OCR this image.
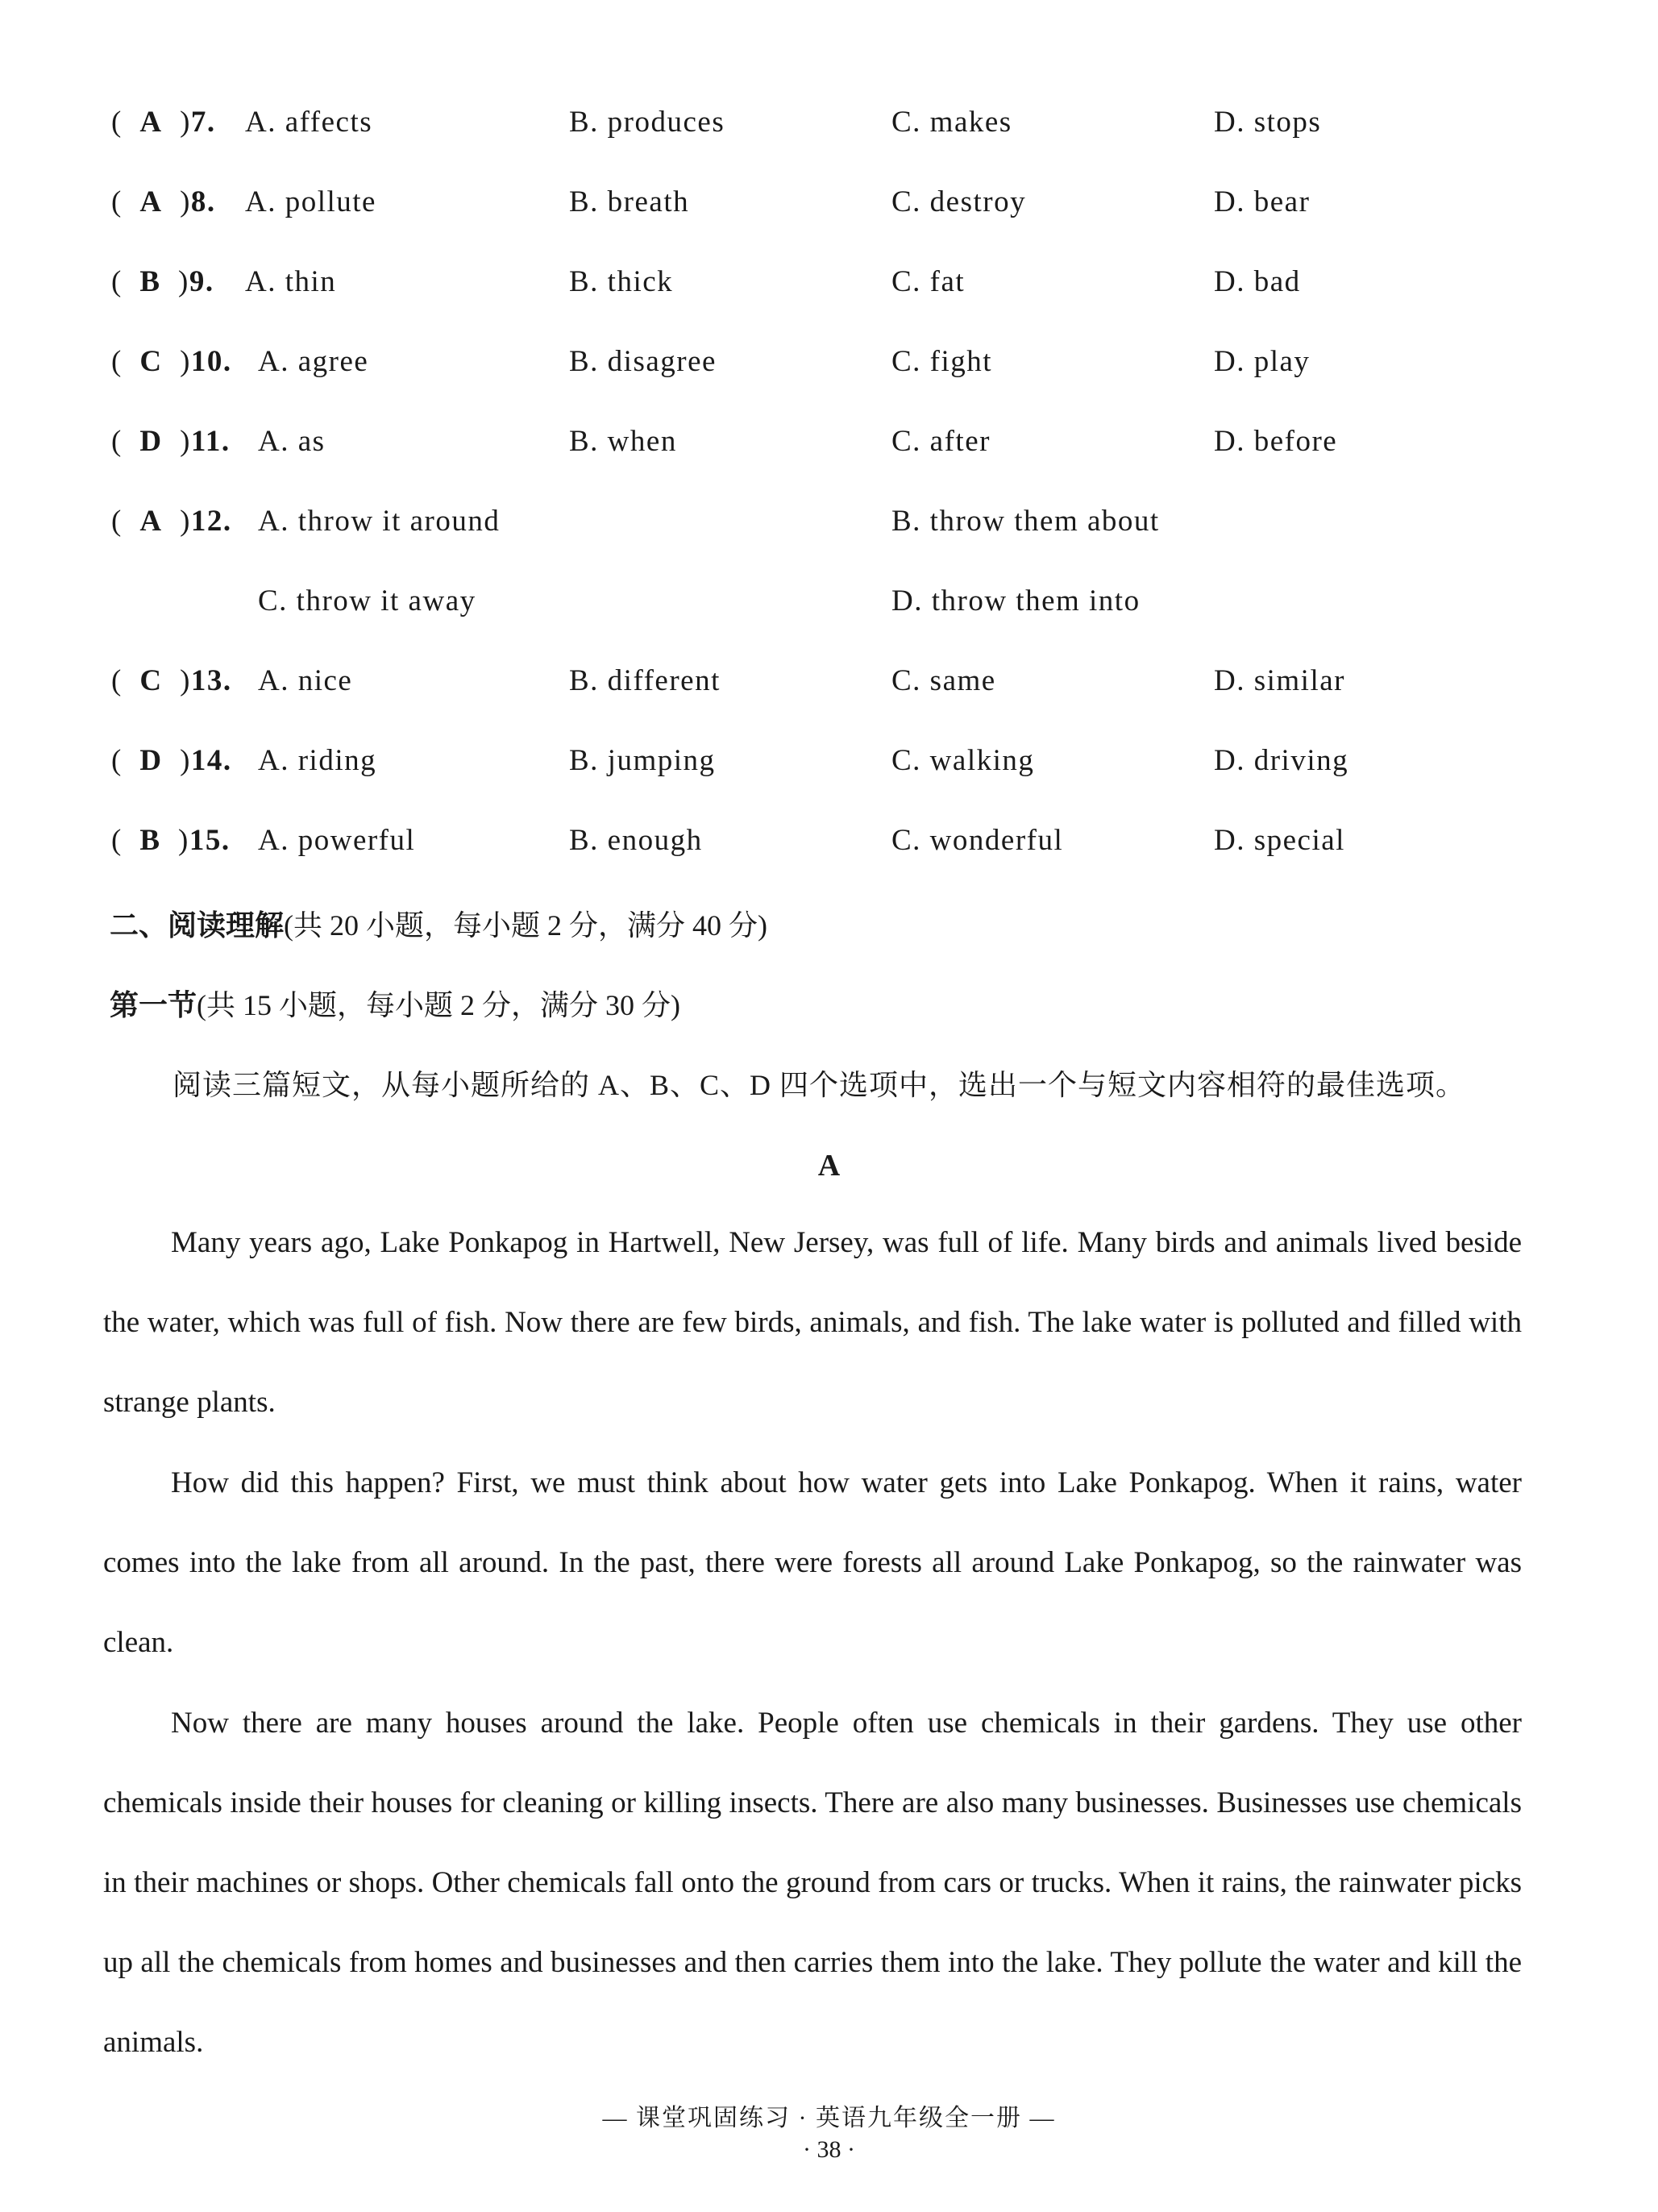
(  A  )7. A. affects	B. produces	C. makes	D. stops
(  A  )8. A. pollute	B. breath	C. destroy	D. bear
(  B  )9. A. thin	B. thick	C. fat	D. bad
(  C  )10. A. agree	B. disagree	C. fight	D. play
(  D  )11. A. as	B. when	C. after	D. before
(  A  )12. A. throw it around	B. throw them about
C. throw it away	D. throw them into
(  C  )13. A. nice	B. different	C. same	D. similar
(  D  )14. A. riding	B. jumping	C. walking	D. driving
(  B  )15. A. powerful	B. enough	C. wonderful	D. special
二、阅读理解(共 20 小题，每小题 2 分，满分 40 分)
第一节(共 15 小题，每小题 2 分，满分 30 分)
阅读三篇短文，从每小题所给的 A、B、C、D 四个选项中，选出一个与短文内容相符的最佳选项。
A
Many years ago, Lake Ponkapog in Hartwell, New Jersey, was full of life. Many birds and animals lived beside the water, which was full of fish. Now there are few birds, animals, and fish. The lake water is polluted and filled with strange plants.
How did this happen? First, we must think about how water gets into Lake Ponkapog. When it rains, water comes into the lake from all around. In the past, there were forests all around Lake Ponkapog, so the rainwater was clean.
Now there are many houses around the lake. People often use chemicals in their gardens. They use other chemicals inside their houses for cleaning or killing insects. There are also many businesses. Businesses use chemicals in their machines or shops. Other chemicals fall onto the ground from cars or trucks. When it rains, the rainwater picks up all the chemicals from homes and businesses and then carries them into the lake. They pollute the water and kill the animals.
— 课堂巩固练习 · 英语九年级全一册 —
· 38 ·
